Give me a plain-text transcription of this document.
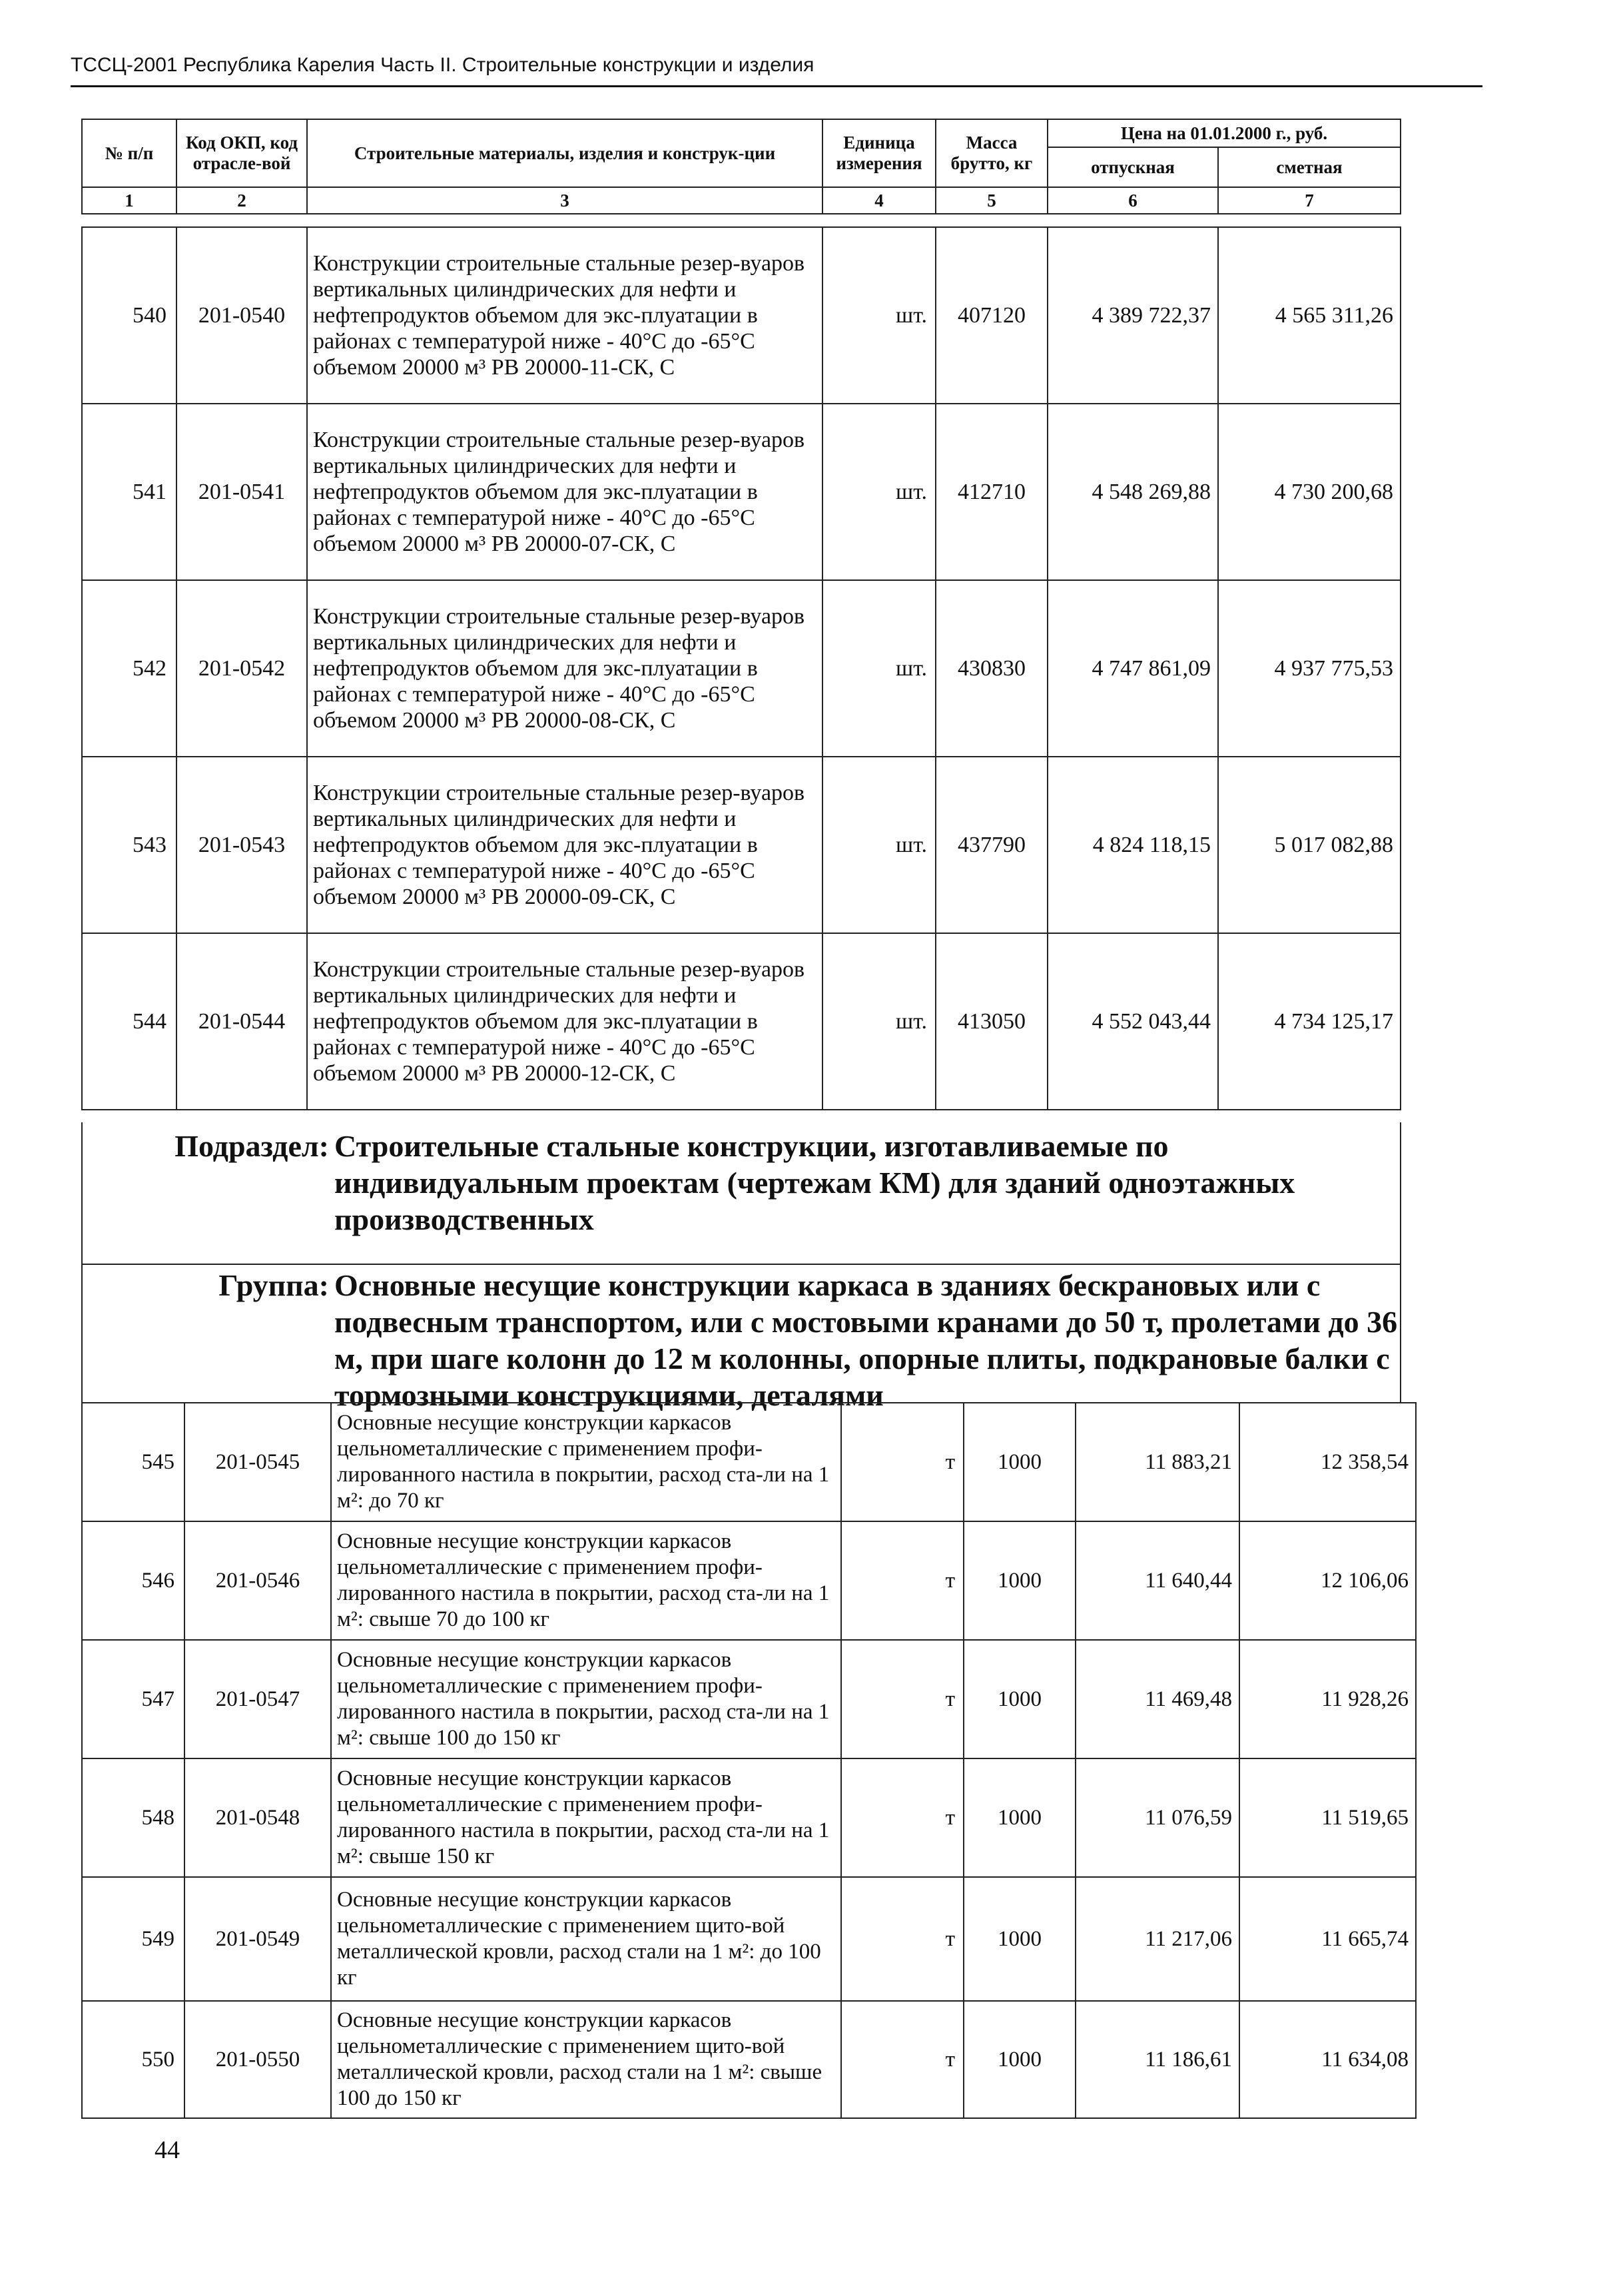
ТССЦ-2001 Республика Карелия Часть II. Строительные конструкции и изделия
№ п/п	Код ОКП, код отрасле-вой	Строительные материалы, изделия и конструк-ции	Единица измерения	Масса брутто, кг	Цена на 01.01.2000 г., руб.	
					отпускная	сметная
1	2	3	4	5	6	7
540	201-0540	Конструкции строительные стальные резер-вуаров вертикальных цилиндрических для нефти и нефтепродуктов объемом для экс-плуатации в районах с температурой ниже - 40°С до -65°С объемом 20000 м³ РВ 20000-11-СК, С	шт.	407120	4 389 722,37	4 565 311,26
541	201-0541	Конструкции строительные стальные резер-вуаров вертикальных цилиндрических для нефти и нефтепродуктов объемом для экс-плуатации в районах с температурой ниже - 40°С до -65°С объемом 20000 м³ РВ 20000-07-СК, С	шт.	412710	4 548 269,88	4 730 200,68
542	201-0542	Конструкции строительные стальные резер-вуаров вертикальных цилиндрических для нефти и нефтепродуктов объемом для экс-плуатации в районах с температурой ниже - 40°С до -65°С объемом 20000 м³ РВ 20000-08-СК, С	шт.	430830	4 747 861,09	4 937 775,53
543	201-0543	Конструкции строительные стальные резер-вуаров вертикальных цилиндрических для нефти и нефтепродуктов объемом для экс-плуатации в районах с температурой ниже - 40°С до -65°С объемом 20000 м³ РВ 20000-09-СК, С	шт.	437790	4 824 118,15	5 017 082,88
544	201-0544	Конструкции строительные стальные резер-вуаров вертикальных цилиндрических для нефти и нефтепродуктов объемом для экс-плуатации в районах с температурой ниже - 40°С до -65°С объемом 20000 м³ РВ 20000-12-СК, С	шт.	413050	4 552 043,44	4 734 125,17
Подраздел: Строительные стальные конструкции, изготавливаемые по индивидуальным проектам (чертежам КМ) для зданий одноэтажных производственных
Группа: Основные несущие конструкции каркаса в зданиях бескрановых или с подвесным транспортом, или с мостовыми кранами до 50 т, пролетами до 36 м, при шаге колонн до 12 м колонны, опорные плиты, подкрановые балки с тормозными конструкциями, деталями
545	201-0545	Основные несущие конструкции каркасов цельнометаллические с применением профи-лированного настила в покрытии, расход ста-ли на 1 м²: до 70 кг	т	1000	11 883,21	12 358,54
546	201-0546	Основные несущие конструкции каркасов цельнометаллические с применением профи-лированного настила в покрытии, расход ста-ли на 1 м²: свыше 70 до 100 кг	т	1000	11 640,44	12 106,06
547	201-0547	Основные несущие конструкции каркасов цельнометаллические с применением профи-лированного настила в покрытии, расход ста-ли на 1 м²: свыше 100 до 150 кг	т	1000	11 469,48	11 928,26
548	201-0548	Основные несущие конструкции каркасов цельнометаллические с применением профи-лированного настила в покрытии, расход ста-ли на 1 м²: свыше 150 кг	т	1000	11 076,59	11 519,65
549	201-0549	Основные несущие конструкции каркасов цельнометаллические с применением щито-вой металлической кровли, расход стали на 1 м²: до 100 кг	т	1000	11 217,06	11 665,74
550	201-0550	Основные несущие конструкции каркасов цельнометаллические с применением щито-вой металлической кровли, расход стали на 1 м²: свыше 100 до 150 кг	т	1000	11 186,61	11 634,08
44
